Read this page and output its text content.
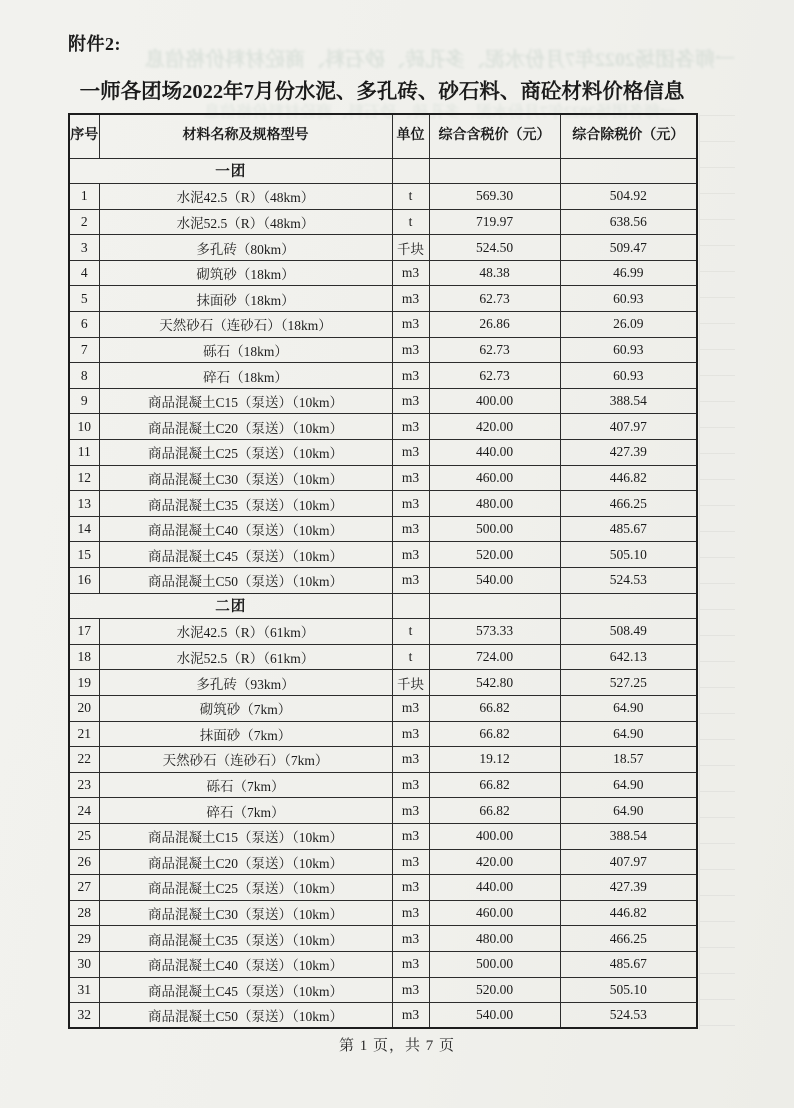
一师各团场2022年7月份水泥、多孔砖、砂石料、商砼材料价格信息
一师各团场2022年7月份水泥、多孔砖、砂石料、商砼材料价格信息
附件2:
一师各团场2022年7月份水泥、多孔砖、砂石料、商砼材料价格信息
序号	材料名称及规格型号	单位	综合含税价（元）	综合除税价（元）
一团				
1	水泥42.5（R）（48km）	t	569.30	504.92
2	水泥52.5（R）（48km）	t	719.97	638.56
3	多孔砖（80km）	千块	524.50	509.47
4	砌筑砂（18km）	m3	48.38	46.99
5	抹面砂（18km）	m3	62.73	60.93
6	天然砂石（连砂石）（18km）	m3	26.86	26.09
7	砾石（18km）	m3	62.73	60.93
8	碎石（18km）	m3	62.73	60.93
9	商品混凝土C15（泵送）（10km）	m3	400.00	388.54
10	商品混凝土C20（泵送）（10km）	m3	420.00	407.97
11	商品混凝土C25（泵送）（10km）	m3	440.00	427.39
12	商品混凝土C30（泵送）（10km）	m3	460.00	446.82
13	商品混凝土C35（泵送）（10km）	m3	480.00	466.25
14	商品混凝土C40（泵送）（10km）	m3	500.00	485.67
15	商品混凝土C45（泵送）（10km）	m3	520.00	505.10
16	商品混凝土C50（泵送）（10km）	m3	540.00	524.53
二团				
17	水泥42.5（R）（61km）	t	573.33	508.49
18	水泥52.5（R）（61km）	t	724.00	642.13
19	多孔砖（93km）	千块	542.80	527.25
20	砌筑砂（7km）	m3	66.82	64.90
21	抹面砂（7km）	m3	66.82	64.90
22	天然砂石（连砂石）（7km）	m3	19.12	18.57
23	砾石（7km）	m3	66.82	64.90
24	碎石（7km）	m3	66.82	64.90
25	商品混凝土C15（泵送）（10km）	m3	400.00	388.54
26	商品混凝土C20（泵送）（10km）	m3	420.00	407.97
27	商品混凝土C25（泵送）（10km）	m3	440.00	427.39
28	商品混凝土C30（泵送）（10km）	m3	460.00	446.82
29	商品混凝土C35（泵送）（10km）	m3	480.00	466.25
30	商品混凝土C40（泵送）（10km）	m3	500.00	485.67
31	商品混凝土C45（泵送）（10km）	m3	520.00	505.10
32	商品混凝土C50（泵送）（10km）	m3	540.00	524.53
第 1 页，共 7 页
